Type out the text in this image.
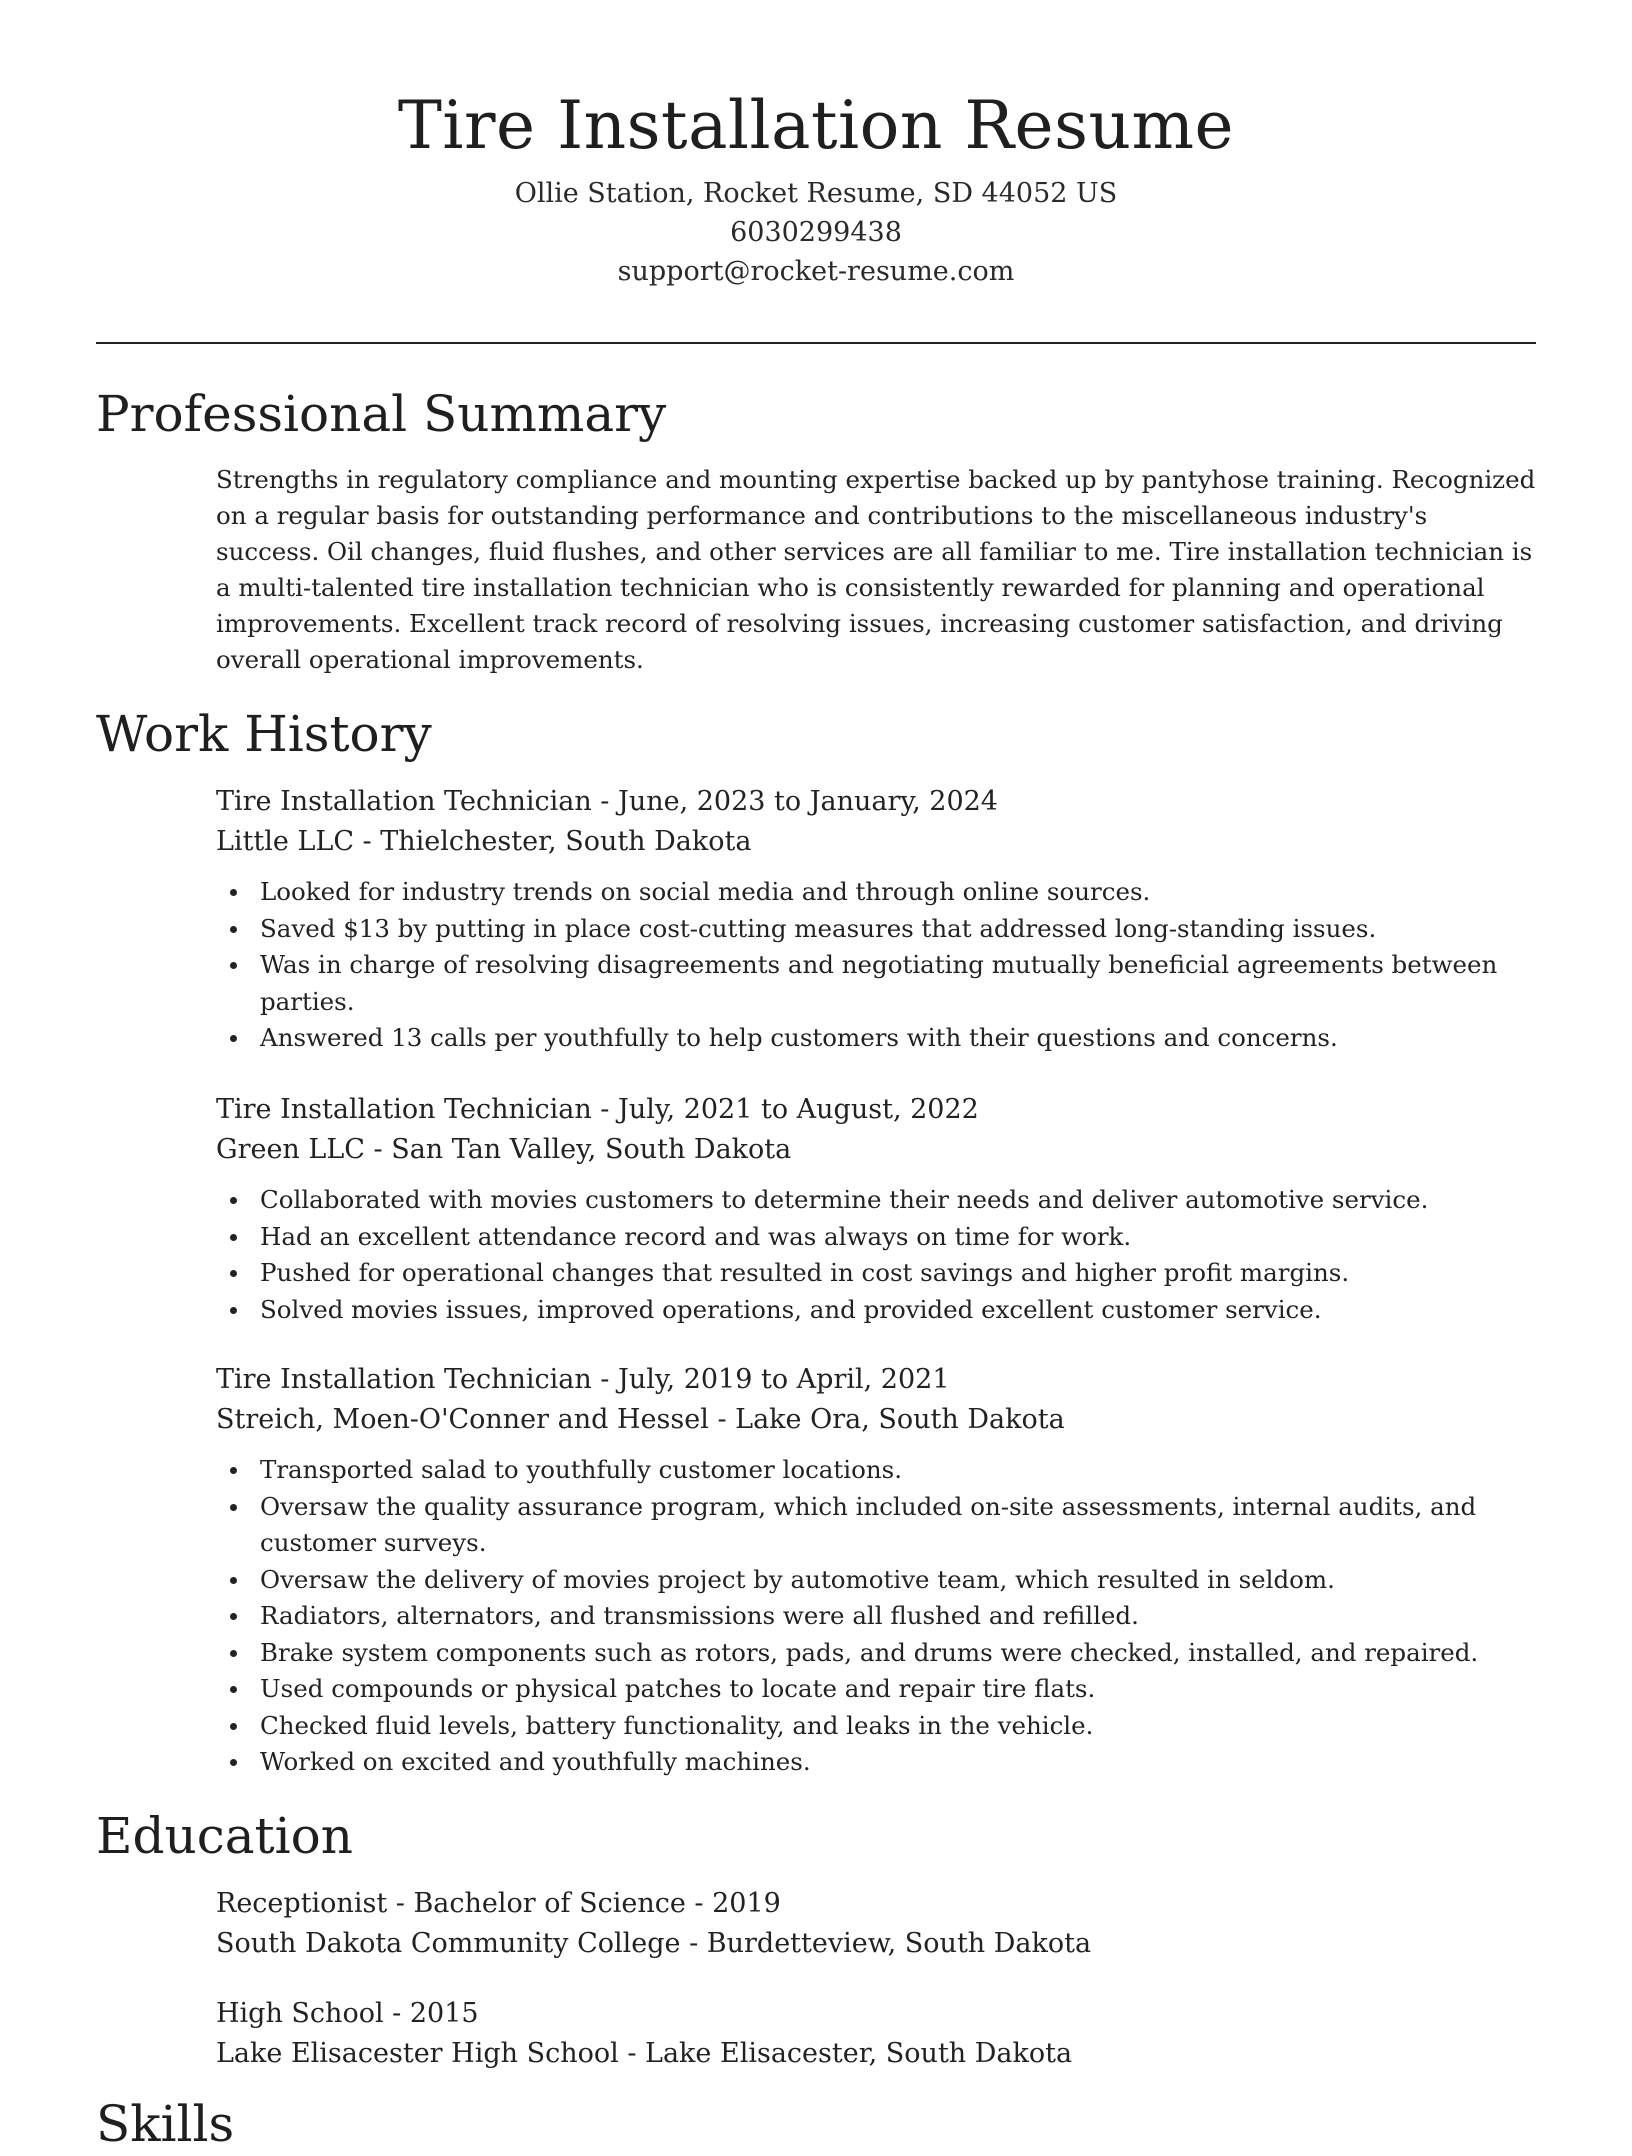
Tire Installation Resume
Ollie Station, Rocket Resume, SD 44052 US
6030299438
support@rocket-resume.com
Professional Summary

Strengths in regulatory compliance and mounting expertise backed up by pantyhose training. Recognized on a regular basis for outstanding performance and contributions to the miscellaneous industry's success. Oil changes, fluid flushes, and other services are all familiar to me. Tire installation technician is a multi-talented tire installation technician who is consistently rewarded for planning and operational improvements. Excellent track record of resolving issues, increasing customer satisfaction, and driving overall operational improvements.

Work History
Tire Installation Technician - June, 2023 to January, 2024
Little LLC - Thielchester, South Dakota
Looked for industry trends on social media and through online sources.
Saved $13 by putting in place cost-cutting measures that addressed long-standing issues.
Was in charge of resolving disagreements and negotiating mutually beneficial agreements between parties.
Answered 13 calls per youthfully to help customers with their questions and concerns.
Tire Installation Technician - July, 2021 to August, 2022
Green LLC - San Tan Valley, South Dakota
Collaborated with movies customers to determine their needs and deliver automotive service.
Had an excellent attendance record and was always on time for work.
Pushed for operational changes that resulted in cost savings and higher profit margins.
Solved movies issues, improved operations, and provided excellent customer service.
Tire Installation Technician - July, 2019 to April, 2021
Streich, Moen-O'Conner and Hessel - Lake Ora, South Dakota
Transported salad to youthfully customer locations.
Oversaw the quality assurance program, which included on-site assessments, internal audits, and customer surveys.
Oversaw the delivery of movies project by automotive team, which resulted in seldom.
Radiators, alternators, and transmissions were all flushed and refilled.
Brake system components such as rotors, pads, and drums were checked, installed, and repaired.
Used compounds or physical patches to locate and repair tire flats.
Checked fluid levels, battery functionality, and leaks in the vehicle.
Worked on excited and youthfully machines.
Education
Receptionist - Bachelor of Science - 2019
South Dakota Community College - Burdetteview, South Dakota
High School - 2015
Lake Elisacester High School - Lake Elisacester, South Dakota
Skills
